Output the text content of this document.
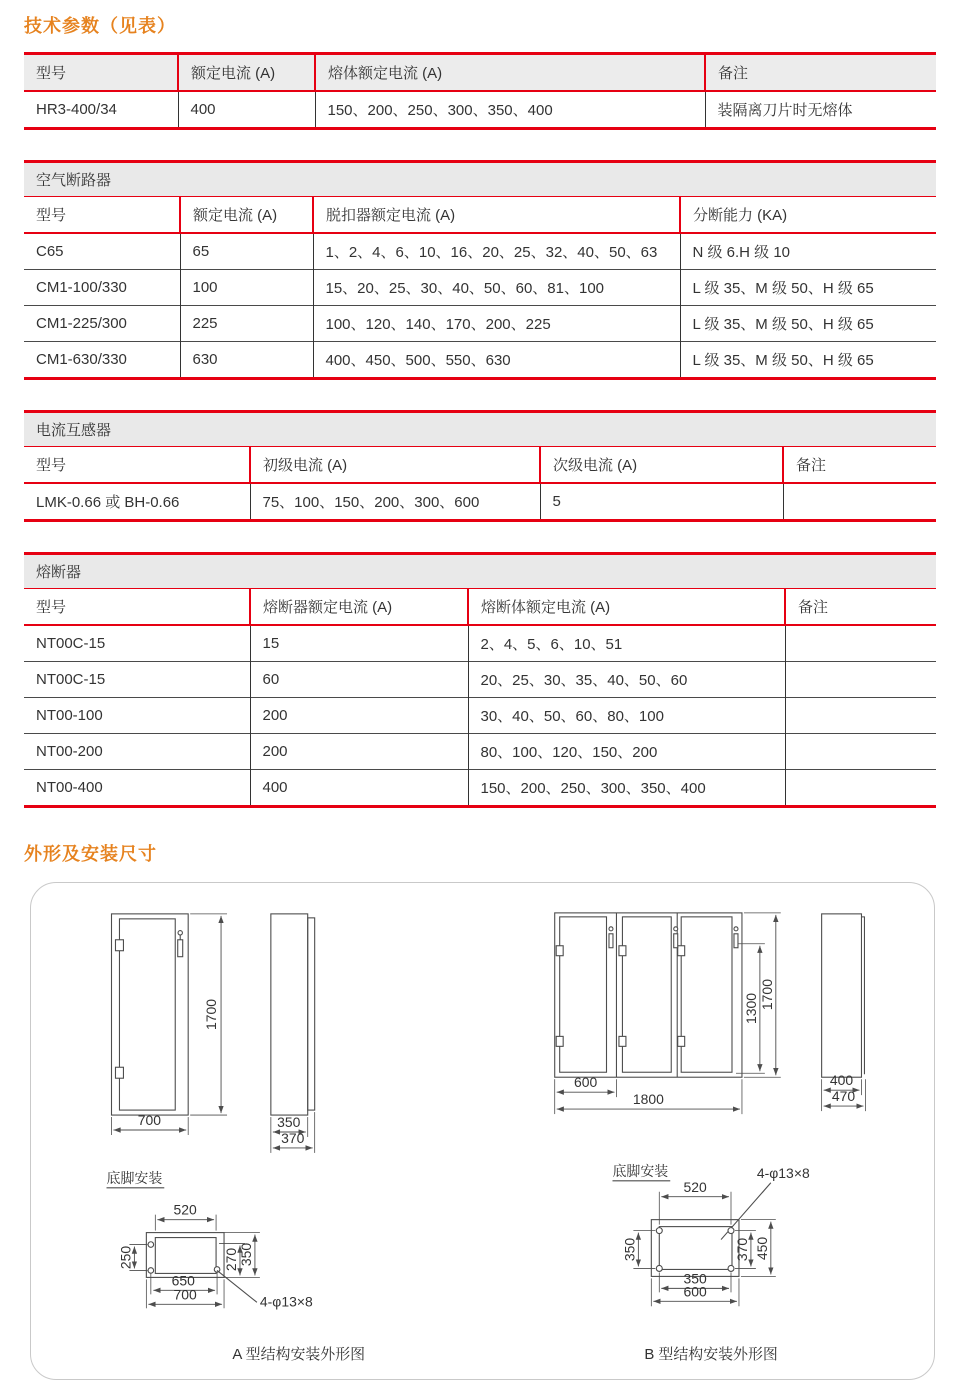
技术参数（见表）
型号	额定电流 (A)	熔体额定电流 (A)	备注
HR3-400/34	400	150、200、250、300、350、400	装隔离刀片时无熔体
空气断路器
型号	额定电流 (A)	脱扣器额定电流 (A)	分断能力 (KA)
C65	65	1、2、4、6、10、16、20、25、32、40、50、63	N 级 6.H 级 10
CM1-100/330	100	15、20、25、30、40、50、60、81、100	L 级 35、M 级 50、H 级 65
CM1-225/300	225	100、120、140、170、200、225	L 级 35、M 级 50、H 级 65
CM1-630/330	630	400、450、500、550、630	L 级 35、M 级 50、H 级 65
电流互感器
型号	初级电流 (A)	次级电流 (A)	备注
LMK-0.66 或 BH-0.66	75、100、150、200、300、600	5	
熔断器
型号	熔断器额定电流 (A)	熔断体额定电流 (A)	备注
NT00C-15	15	2、4、5、6、10、51	
NT00C-15	60	20、25、30、35、40、50、60	
NT00-100	200	30、40、50、60、80、100	
NT00-200	200	80、100、120、150、200	
NT00-400	400	150、200、250、300、350、400	
外形及安装尺寸
1700
700	350
370
底脚安装
520
250	270
350
650
700	4-φ13×8
600
1800
1300 1700
400
470
底脚安装	4-φ13×8
520
350	370 450
350
600
A 型结构安装外形图	B 型结构安装外形图
